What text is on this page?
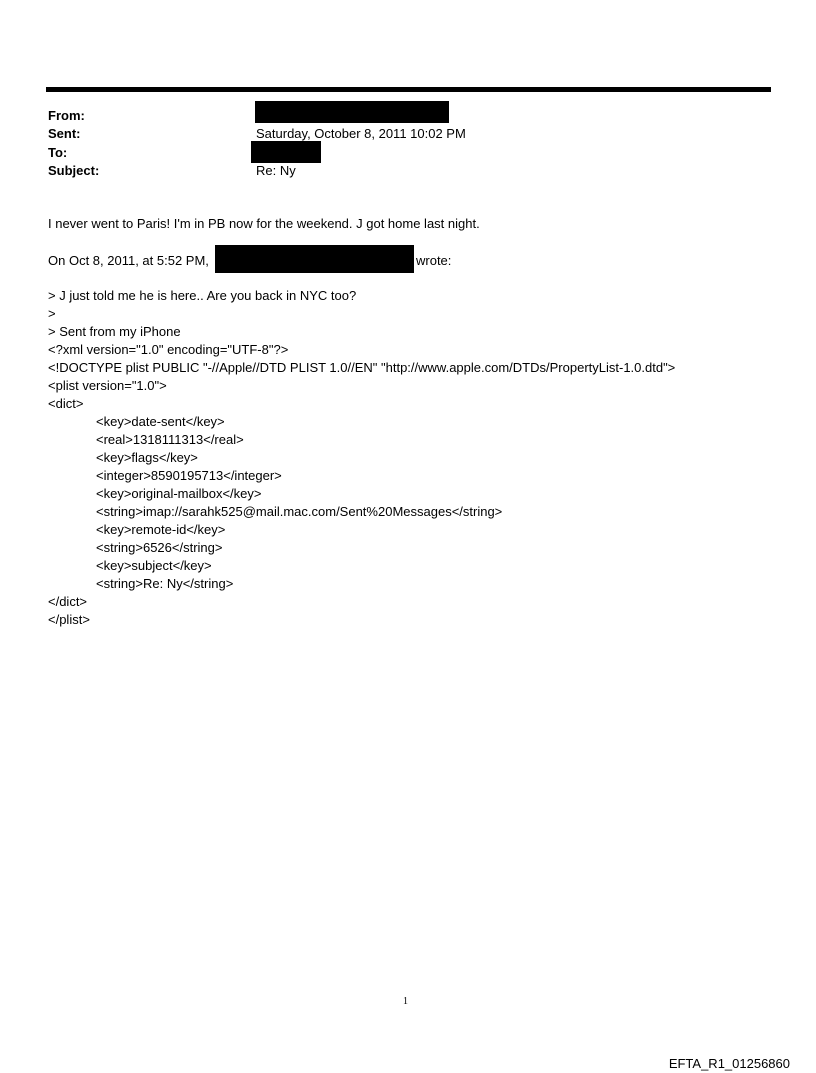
From:
Sent:	Saturday, October 8, 2011 10:02 PM
To:
Subject:	Re: Ny
I never went to Paris! I'm in PB now for the weekend. J got home last night.
On Oct 8, 2011, at 5:52 PM,	wrote:
> J just told me he is here.. Are you back in NYC too?
>
> Sent from my iPhone
<?xml version="1.0" encoding="UTF-8"?>
<!DOCTYPE plist PUBLIC "-//Apple//DTD PLIST 1.0//EN" "http://www.apple.com/DTDs/PropertyList-1.0.dtd">
<plist version="1.0">
<dict>
<key>date-sent</key>
<real>1318111313</real>
<key>flags</key>
<integer>8590195713</integer>
<key>original-mailbox</key>
<string>imap://sarahk525@mail.mac.com/Sent%20Messages</string>
<key>remote-id</key>
<string>6526</string>
<key>subject</key>
<string>Re: Ny</string>
</dict>
</plist>
1
EFTA_R1_01256860
